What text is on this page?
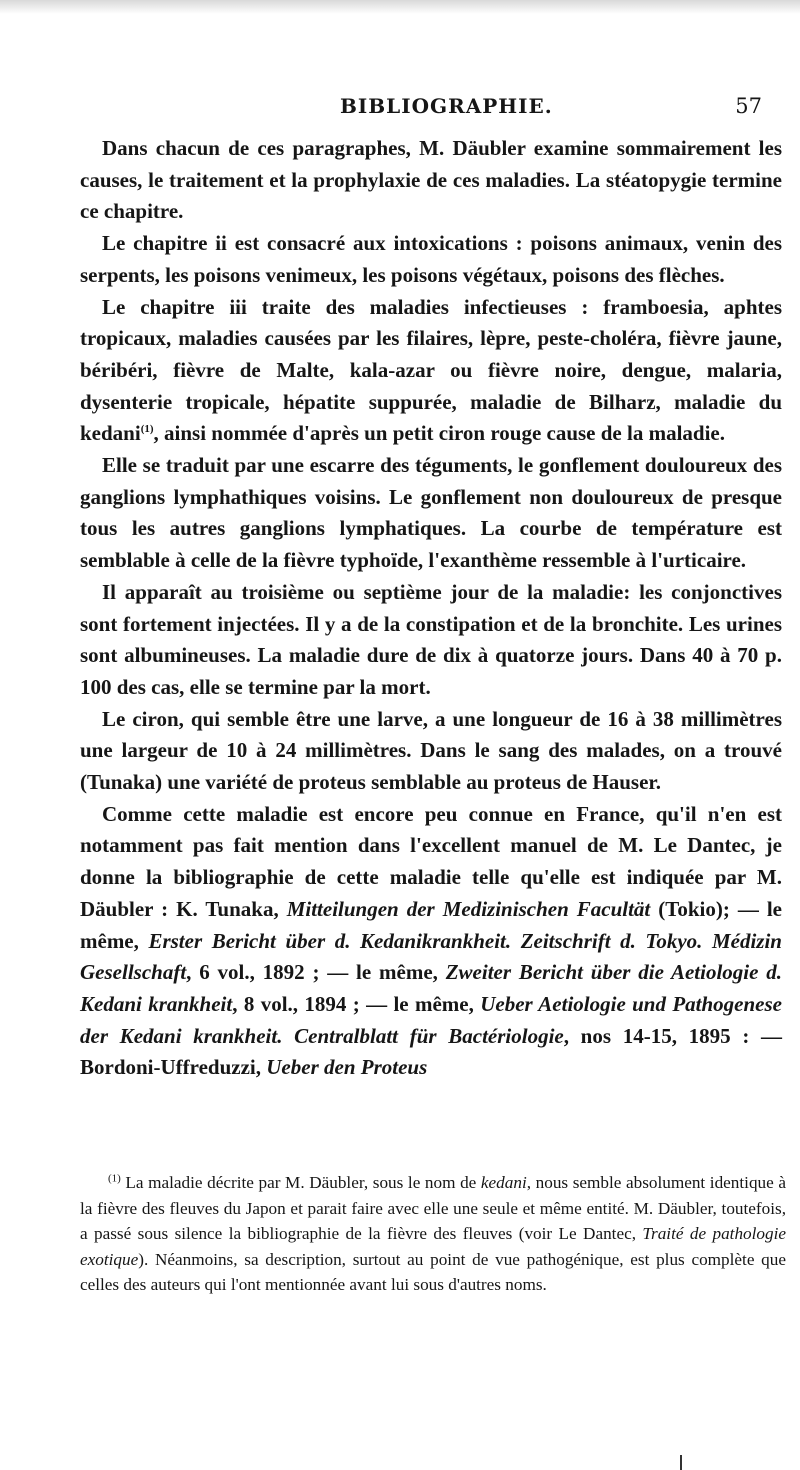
BIBLIOGRAPHIE.	57

Dans chacun de ces paragraphes, M. Däubler examine sommairement les causes, le traitement et la prophylaxie de ces maladies. La stéatopygie termine ce chapitre.

Le chapitre ii est consacré aux intoxications : poisons animaux, venin des serpents, les poisons venimeux, les poisons végétaux, poisons des flèches.

Le chapitre iii traite des maladies infectieuses : framboesia, aphtes tropicaux, maladies causées par les filaires, lèpre, peste-choléra, fièvre jaune, béribéri, fièvre de Malte, kala-azar ou fièvre noire, dengue, malaria, dysenterie tropicale, hépatite suppurée, maladie de Bilharz, maladie du kedani$^{(1)}$, ainsi nommée d'après un petit ciron rouge cause de la maladie.

Elle se traduit par une escarre des téguments, le gonflement douloureux des ganglions lymphathiques voisins. Le gonflement non douloureux de presque tous les autres ganglions lymphatiques. La courbe de température est semblable à celle de la fièvre typhoïde, l'exanthème ressemble à l'urticaire.

Il apparaît au troisième ou septième jour de la maladie: les conjonctives sont fortement injectées. Il y a de la constipation et de la bronchite. Les urines sont albumineuses. La maladie dure de dix à quatorze jours. Dans 40 à 70 p. 100 des cas, elle se termine par la mort.

Le ciron, qui semble être une larve, a une longueur de 16 à 38 millimètres une largeur de 10 à 24 millimètres. Dans le sang des malades, on a trouvé (Tunaka) une variété de proteus semblable au proteus de Hauser.

Comme cette maladie est encore peu connue en France, qu'il n'en est notamment pas fait mention dans l'excellent manuel de M. Le Dantec, je donne la bibliographie de cette maladie telle qu'elle est indiquée par M. Däubler : K. Tunaka, Mitteilungen der Medizinischen Facultät (Tokio); — le même, Erster Bericht über d. Kedanikrankheit. Zeitschrift d. Tokyo. Médizin Gesellschaft, 6 vol., 1892 ; — le même, Zweiter Bericht über die Aetiologie d. Kedani krankheit, 8 vol., 1894 ; — le même, Ueber Aetiologie und Pathogenese der Kedani krankheit. Centralblatt für Bactériologie, nos 14-15, 1895 : — Bordoni-Uffreduzzi, Ueber den Proteus

$^{(1)}$ La maladie décrite par M. Däubler, sous le nom de kedani, nous semble absolument identique à la fièvre des fleuves du Japon et parait faire avec elle une seule et même entité. M. Däubler, toutefois, a passé sous silence la bibliographie de la fièvre des fleuves (voir Le Dantec, Traité de pathologie exotique). Néanmoins, sa description, surtout au point de vue pathogénique, est plus complète que celles des auteurs qui l'ont mentionnée avant lui sous d'autres noms.
